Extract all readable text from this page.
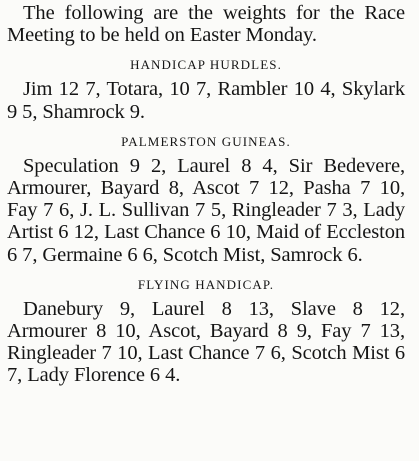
The following are the weights for the Race Meeting to be held on Easter Monday.

HANDICAP HURDLES.

Jim 12 7, Totara, 10 7, Rambler 10 4, Skylark 9 5, Shamrock 9.

PALMERSTON GUINEAS.

Speculation 9 2, Laurel 8 4, Sir Bedevere, Armourer, Bayard 8, Ascot 7 12, Pasha 7 10, Fay 7 6, J. L. Sullivan 7 5, Ringleader 7 3, Lady Artist 6 12, Last Chance 6 10, Maid of Eccleston 6 7, Germaine 6 6, Scotch Mist, Samrock 6.

FLYING HANDICAP.

Danebury 9, Laurel 8 13, Slave 8 12, Armourer 8 10, Ascot, Bayard 8 9, Fay 7 13, Ringleader 7 10, Last Chance 7 6, Scotch Mist 6 7, Lady Florence 6 4.
